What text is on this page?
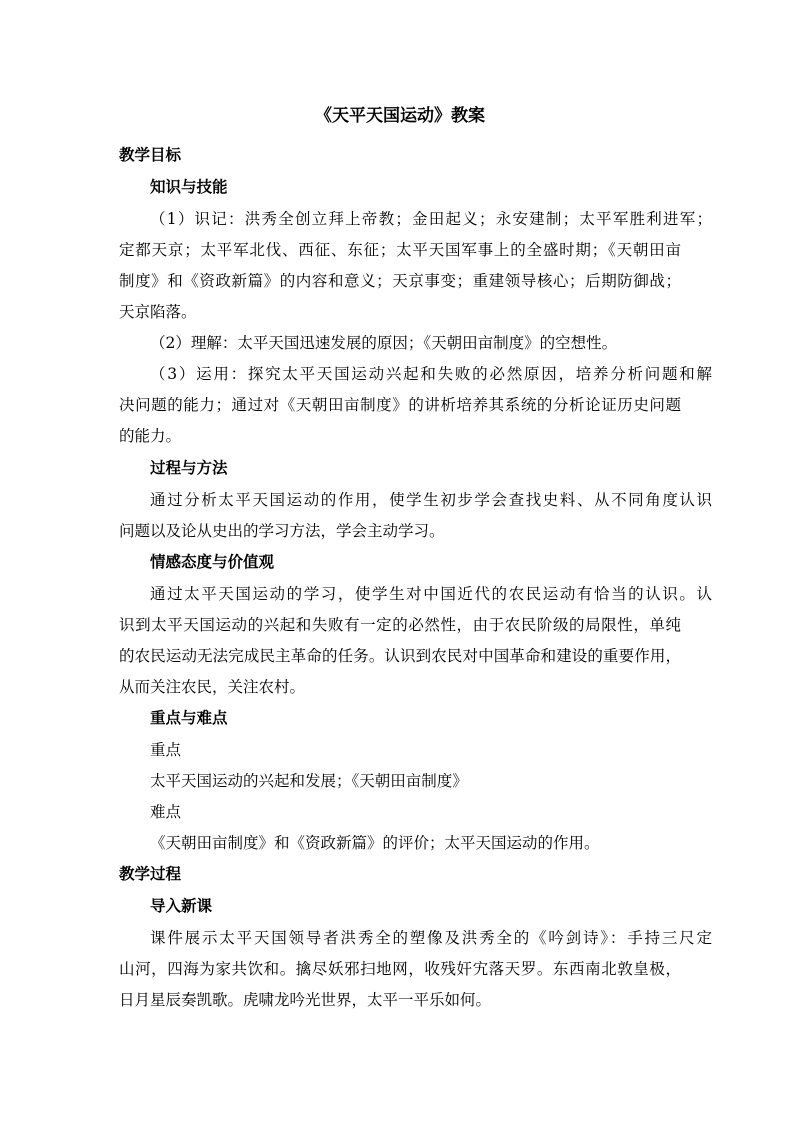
《天平天国运动》教案
教学目标
知识与技能
（1）识记：洪秀全创立拜上帝教；金田起义；永安建制；太平军胜利进军；
定都天京；太平军北伐、西征、东征；太平天国军事上的全盛时期；《天朝田亩
制度》和《资政新篇》的内容和意义；天京事变；重建领导核心；后期防御战；
天京陷落。
（2）理解：太平天国迅速发展的原因；《天朝田亩制度》的空想性。
（3）运用：探究太平天国运动兴起和失败的必然原因，培养分析问题和解
决问题的能力；通过对《天朝田亩制度》的讲析培养其系统的分析论证历史问题
的能力。
过程与方法
通过分析太平天国运动的作用，使学生初步学会查找史料、从不同角度认识
问题以及论从史出的学习方法，学会主动学习。
情感态度与价值观
通过太平天国运动的学习，使学生对中国近代的农民运动有恰当的认识。认
识到太平天国运动的兴起和失败有一定的必然性，由于农民阶级的局限性，单纯
的农民运动无法完成民主革命的任务。认识到农民对中国革命和建设的重要作用，
从而关注农民，关注农村。
重点与难点
重点
太平天国运动的兴起和发展；《天朝田亩制度》
难点
《天朝田亩制度》和《资政新篇》的评价；太平天国运动的作用。
教学过程
导入新课
课件展示太平天国领导者洪秀全的塑像及洪秀全的《吟剑诗》：手持三尺定
山河，四海为家共饮和。擒尽妖邪扫地网，收残奸宄落天罗。东西南北敦皇极，
日月星辰奏凯歌。虎啸龙吟光世界，太平一平乐如何。
